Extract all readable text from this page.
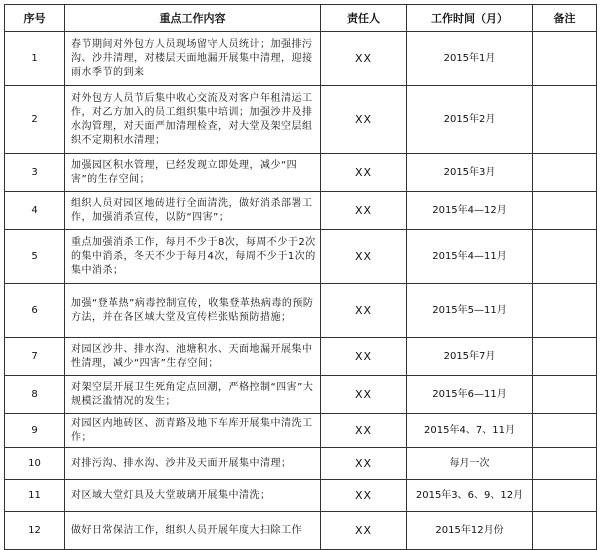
序号	重点工作内容	责任人	工作时间（月）	备注
1	春节期间对外包方人员现场留守人员统计；加强排污沟、沙井清理，对楼层天面地漏开展集中清理，迎接雨水季节的到来	XX	2015年1月	
2	对外包方人员节后集中收心交流及对客户年租清运工作，对乙方加入的员工组织集中培训；加强沙井及排水沟管理，对天面严加清理检查，对大堂及架空层组织不定期积水清理；	XX	2015年2月	
3	加强园区积水管理，已经发现立即处理，减少“四害”的生存空间；	XX	2015年3月	
4	组织人员对园区地砖进行全面清洗，做好消杀部署工作，加强消杀宣传，以防“四害”；	XX	2015年4—12月	
5	重点加强消杀工作，每月不少于8次，每周不少于2次的集中消杀，冬天不少于每月4次，每周不少于1次的集中消杀；	XX	2015年4—11月	
6	加强“登革热”病毒控制宣传，收集登革热病毒的预防方法，并在各区域大堂及宣传栏张贴预防措施；	XX	2015年5—11月	
7	对园区沙井、排水沟、池塘积水、天面地漏开展集中性清理，减少“四害”生存空间；	XX	2015年7月	
8	对架空层开展卫生死角定点回潮，严格控制“四害”大规模泛滥情况的发生；	XX	2015年6—11月	
9	对园区内地砖区、沥青路及地下车库开展集中清洗工作；	XX	2015年4、7、11月	
10	对排污沟、排水沟、沙井及天面开展集中清理；	XX	每月一次	
11	对区域大堂灯具及大堂玻璃开展集中清洗；	XX	2015年3、6、9、12月	
12	做好日常保洁工作，组织人员开展年度大扫除工作	XX	2015年12月份	
